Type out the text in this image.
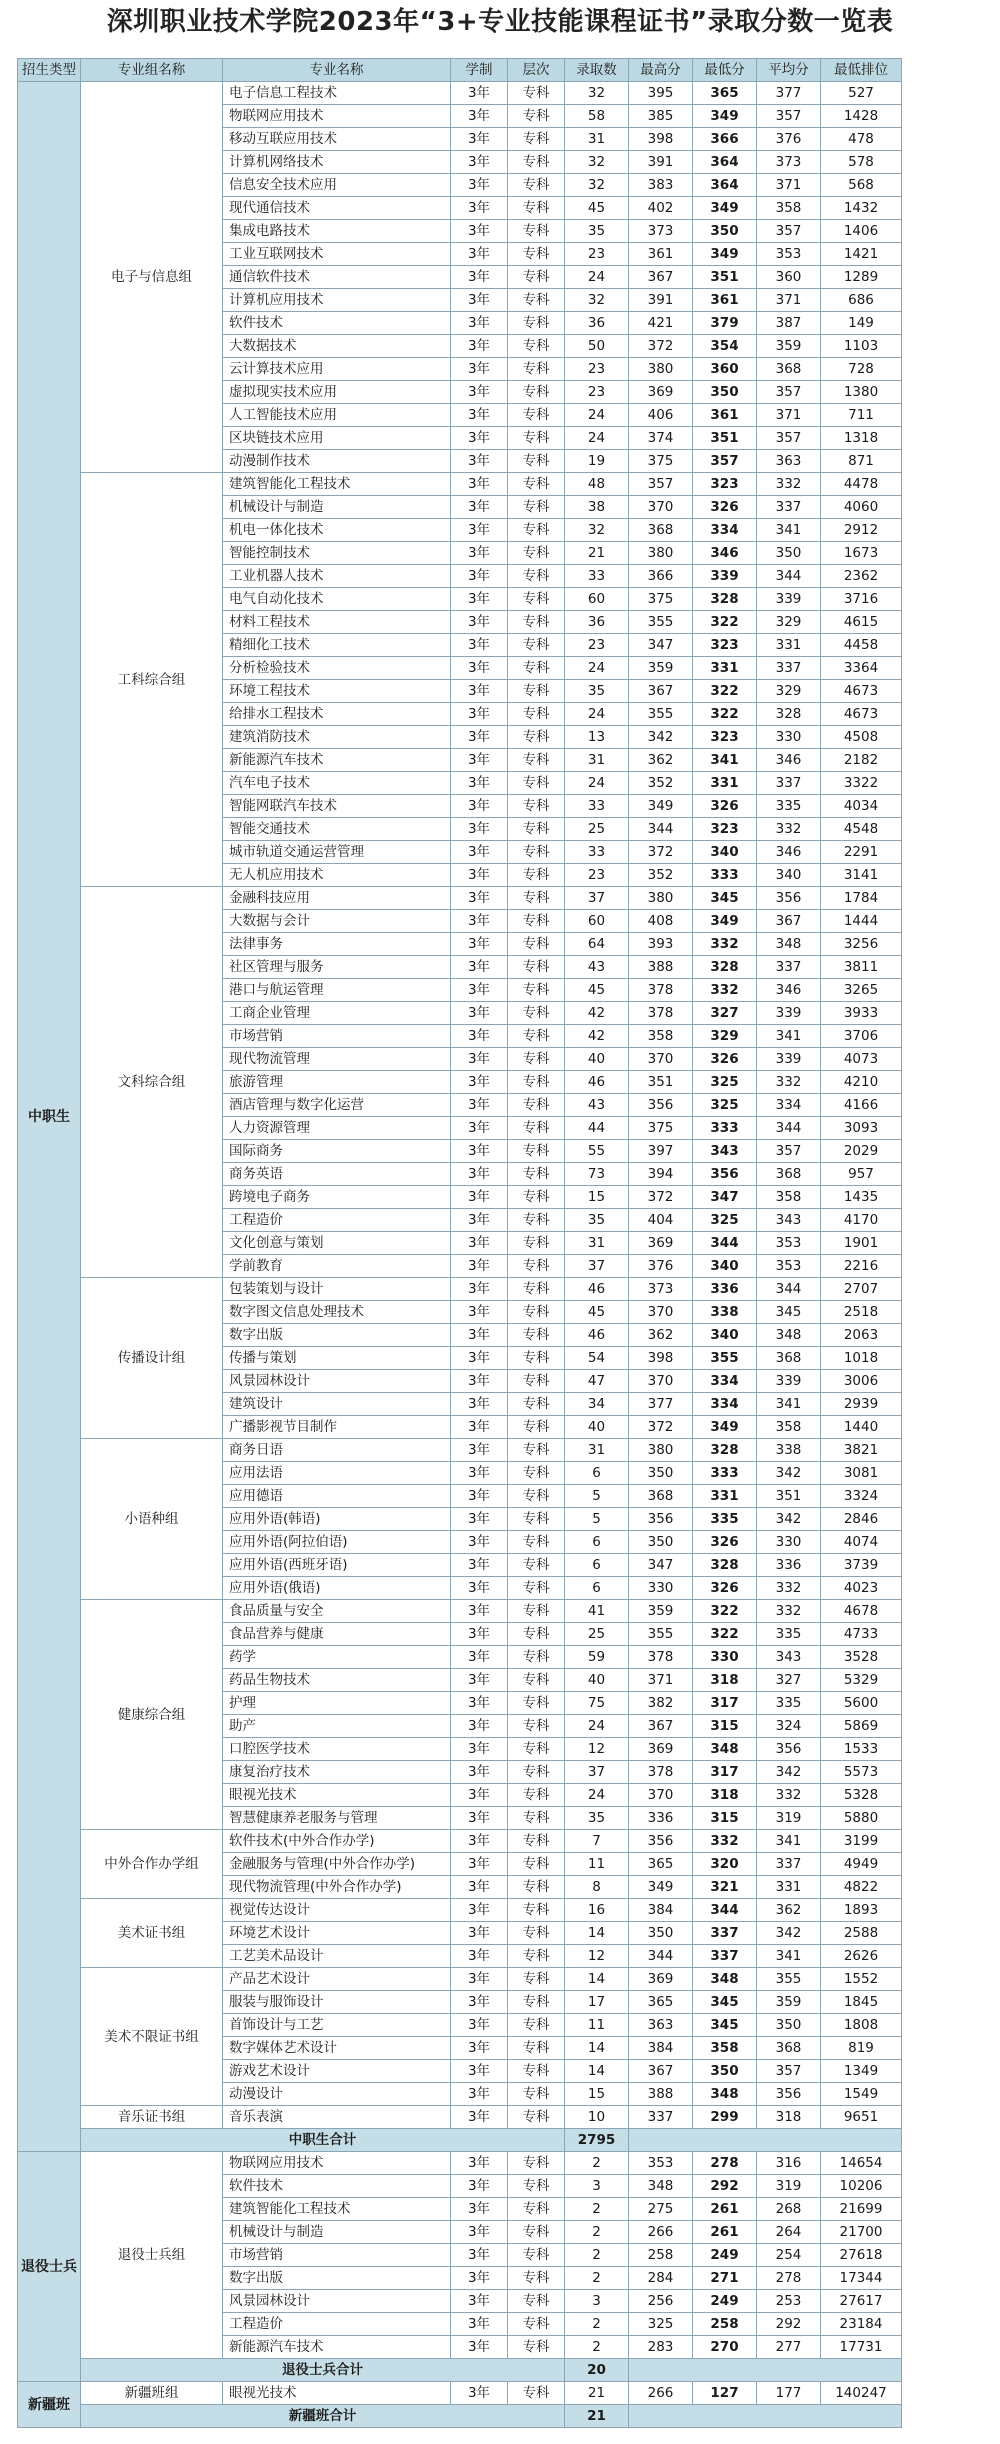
深圳职业技术学院2023年“3+专业技能课程证书”录取分数一览表
招生类型	专业组名称	专业名称	学制	层次	录取数	最高分	最低分	平均分	最低排位
中职生	电子与信息组	电子信息工程技术	3年	专科	32	395	365	377	527
		物联网应用技术	3年	专科	58	385	349	357	1428
		移动互联应用技术	3年	专科	31	398	366	376	478
		计算机网络技术	3年	专科	32	391	364	373	578
		信息安全技术应用	3年	专科	32	383	364	371	568
		现代通信技术	3年	专科	45	402	349	358	1432
		集成电路技术	3年	专科	35	373	350	357	1406
		工业互联网技术	3年	专科	23	361	349	353	1421
		通信软件技术	3年	专科	24	367	351	360	1289
		计算机应用技术	3年	专科	32	391	361	371	686
		软件技术	3年	专科	36	421	379	387	149
		大数据技术	3年	专科	50	372	354	359	1103
		云计算技术应用	3年	专科	23	380	360	368	728
		虚拟现实技术应用	3年	专科	23	369	350	357	1380
		人工智能技术应用	3年	专科	24	406	361	371	711
		区块链技术应用	3年	专科	24	374	351	357	1318
		动漫制作技术	3年	专科	19	375	357	363	871
	工科综合组	建筑智能化工程技术	3年	专科	48	357	323	332	4478
		机械设计与制造	3年	专科	38	370	326	337	4060
		机电一体化技术	3年	专科	32	368	334	341	2912
		智能控制技术	3年	专科	21	380	346	350	1673
		工业机器人技术	3年	专科	33	366	339	344	2362
		电气自动化技术	3年	专科	60	375	328	339	3716
		材料工程技术	3年	专科	36	355	322	329	4615
		精细化工技术	3年	专科	23	347	323	331	4458
		分析检验技术	3年	专科	24	359	331	337	3364
		环境工程技术	3年	专科	35	367	322	329	4673
		给排水工程技术	3年	专科	24	355	322	328	4673
		建筑消防技术	3年	专科	13	342	323	330	4508
		新能源汽车技术	3年	专科	31	362	341	346	2182
		汽车电子技术	3年	专科	24	352	331	337	3322
		智能网联汽车技术	3年	专科	33	349	326	335	4034
		智能交通技术	3年	专科	25	344	323	332	4548
		城市轨道交通运营管理	3年	专科	33	372	340	346	2291
		无人机应用技术	3年	专科	23	352	333	340	3141
	文科综合组	金融科技应用	3年	专科	37	380	345	356	1784
		大数据与会计	3年	专科	60	408	349	367	1444
		法律事务	3年	专科	64	393	332	348	3256
		社区管理与服务	3年	专科	43	388	328	337	3811
		港口与航运管理	3年	专科	45	378	332	346	3265
		工商企业管理	3年	专科	42	378	327	339	3933
		市场营销	3年	专科	42	358	329	341	3706
		现代物流管理	3年	专科	40	370	326	339	4073
		旅游管理	3年	专科	46	351	325	332	4210
		酒店管理与数字化运营	3年	专科	43	356	325	334	4166
		人力资源管理	3年	专科	44	375	333	344	3093
		国际商务	3年	专科	55	397	343	357	2029
		商务英语	3年	专科	73	394	356	368	957
		跨境电子商务	3年	专科	15	372	347	358	1435
		工程造价	3年	专科	35	404	325	343	4170
		文化创意与策划	3年	专科	31	369	344	353	1901
		学前教育	3年	专科	37	376	340	353	2216
	传播设计组	包装策划与设计	3年	专科	46	373	336	344	2707
		数字图文信息处理技术	3年	专科	45	370	338	345	2518
		数字出版	3年	专科	46	362	340	348	2063
		传播与策划	3年	专科	54	398	355	368	1018
		风景园林设计	3年	专科	47	370	334	339	3006
		建筑设计	3年	专科	34	377	334	341	2939
		广播影视节目制作	3年	专科	40	372	349	358	1440
	小语种组	商务日语	3年	专科	31	380	328	338	3821
		应用法语	3年	专科	6	350	333	342	3081
		应用德语	3年	专科	5	368	331	351	3324
		应用外语(韩语)	3年	专科	5	356	335	342	2846
		应用外语(阿拉伯语)	3年	专科	6	350	326	330	4074
		应用外语(西班牙语)	3年	专科	6	347	328	336	3739
		应用外语(俄语)	3年	专科	6	330	326	332	4023
	健康综合组	食品质量与安全	3年	专科	41	359	322	332	4678
		食品营养与健康	3年	专科	25	355	322	335	4733
		药学	3年	专科	59	378	330	343	3528
		药品生物技术	3年	专科	40	371	318	327	5329
		护理	3年	专科	75	382	317	335	5600
		助产	3年	专科	24	367	315	324	5869
		口腔医学技术	3年	专科	12	369	348	356	1533
		康复治疗技术	3年	专科	37	378	317	342	5573
		眼视光技术	3年	专科	24	370	318	332	5328
		智慧健康养老服务与管理	3年	专科	35	336	315	319	5880
	中外合作办学组	软件技术(中外合作办学)	3年	专科	7	356	332	341	3199
		金融服务与管理(中外合作办学)	3年	专科	11	365	320	337	4949
		现代物流管理(中外合作办学)	3年	专科	8	349	321	331	4822
	美术证书组	视觉传达设计	3年	专科	16	384	344	362	1893
		环境艺术设计	3年	专科	14	350	337	342	2588
		工艺美术品设计	3年	专科	12	344	337	341	2626
	美术不限证书组	产品艺术设计	3年	专科	14	369	348	355	1552
		服装与服饰设计	3年	专科	17	365	345	359	1845
		首饰设计与工艺	3年	专科	11	363	345	350	1808
		数字媒体艺术设计	3年	专科	14	384	358	368	819
		游戏艺术设计	3年	专科	14	367	350	357	1349
		动漫设计	3年	专科	15	388	348	356	1549
	音乐证书组	音乐表演	3年	专科	10	337	299	318	9651
	中职生合计				2795				
退役士兵	退役士兵组	物联网应用技术	3年	专科	2	353	278	316	14654
		软件技术	3年	专科	3	348	292	319	10206
		建筑智能化工程技术	3年	专科	2	275	261	268	21699
		机械设计与制造	3年	专科	2	266	261	264	21700
		市场营销	3年	专科	2	258	249	254	27618
		数字出版	3年	专科	2	284	271	278	17344
		风景园林设计	3年	专科	3	256	249	253	27617
		工程造价	3年	专科	2	325	258	292	23184
		新能源汽车技术	3年	专科	2	283	270	277	17731
	退役士兵合计				20				
新疆班	新疆班组	眼视光技术	3年	专科	21	266	127	177	140247
	新疆班合计				21				
